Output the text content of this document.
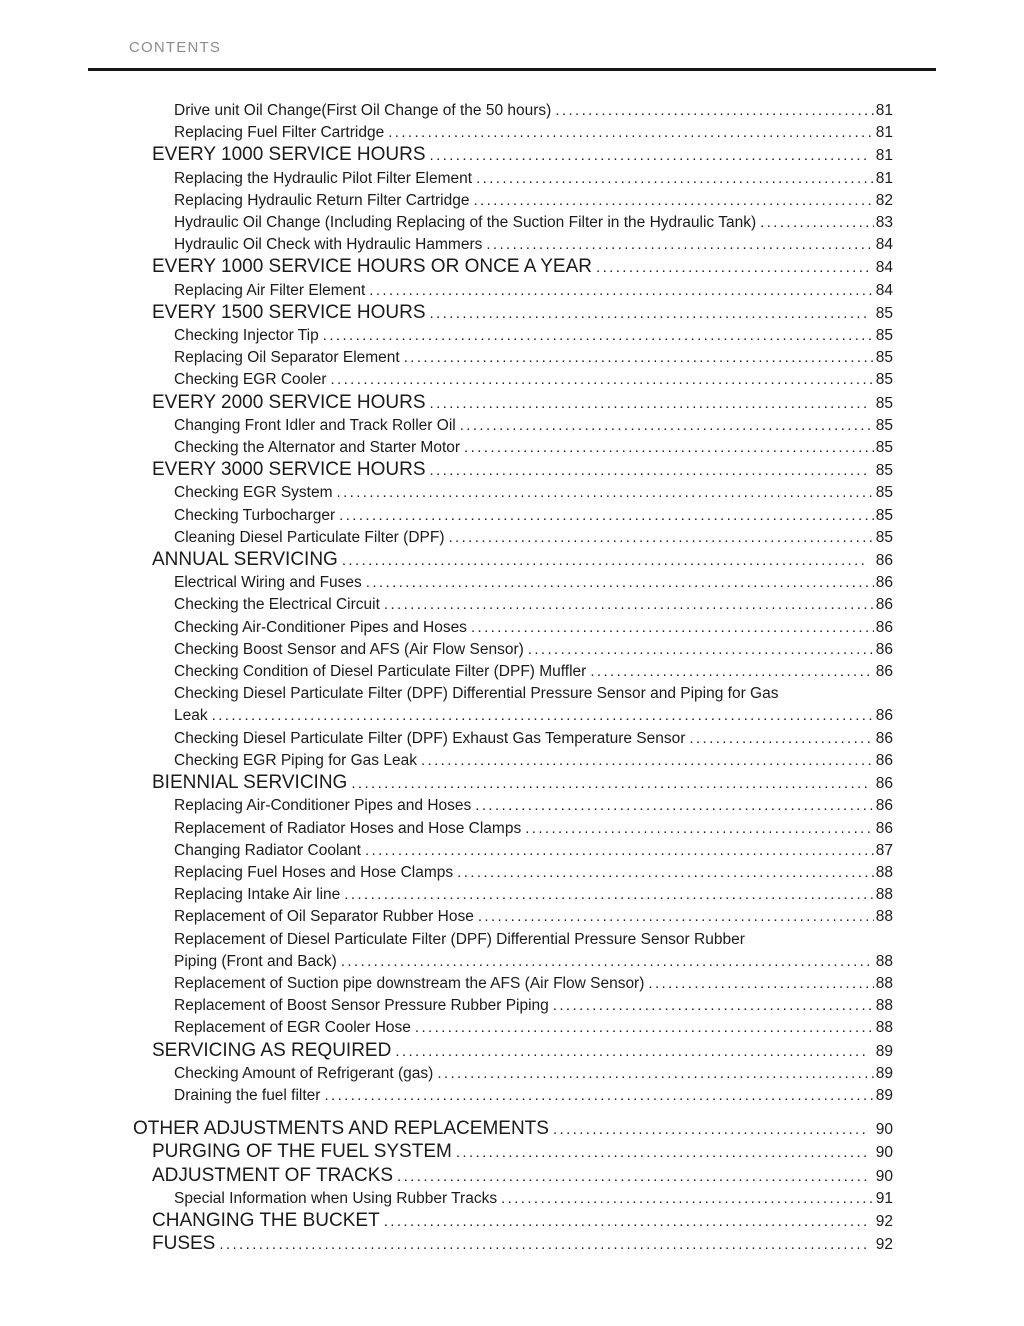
CONTENTS
Drive unit Oil Change(First Oil Change of the 50 hours) .....	81
Replacing Fuel Filter Cartridge .....	81
EVERY 1000 SERVICE HOURS .....	81
Replacing the Hydraulic Pilot Filter Element .....	81
Replacing Hydraulic Return Filter Cartridge .....	82
Hydraulic Oil Change (Including Replacing of the Suction Filter in the Hydraulic Tank) .....	83
Hydraulic Oil Check with Hydraulic Hammers .....	84
EVERY 1000 SERVICE HOURS OR ONCE A YEAR .....	84
Replacing Air Filter Element .....	84
EVERY 1500 SERVICE HOURS .....	85
Checking Injector Tip .....	85
Replacing Oil Separator Element .....	85
Checking EGR Cooler .....	85
EVERY 2000 SERVICE HOURS .....	85
Changing Front Idler and Track Roller Oil .....	85
Checking the Alternator and Starter Motor .....	85
EVERY 3000 SERVICE HOURS .....	85
Checking EGR System .....	85
Checking Turbocharger .....	85
Cleaning Diesel Particulate Filter (DPF) .....	85
ANNUAL SERVICING .....	86
Electrical Wiring and Fuses .....	86
Checking the Electrical Circuit .....	86
Checking Air-Conditioner Pipes and Hoses .....	86
Checking Boost Sensor and AFS (Air Flow Sensor) .....	86
Checking Condition of Diesel Particulate Filter (DPF) Muffler .....	86
Checking Diesel Particulate Filter (DPF) Differential Pressure Sensor and Piping for Gas
Leak .....	86
Checking Diesel Particulate Filter (DPF) Exhaust Gas Temperature Sensor .....	86
Checking EGR Piping for Gas Leak .....	86
BIENNIAL SERVICING .....	86
Replacing Air-Conditioner Pipes and Hoses .....	86
Replacement of Radiator Hoses and Hose Clamps .....	86
Changing Radiator Coolant .....	87
Replacing Fuel Hoses and Hose Clamps .....	88
Replacing Intake Air line .....	88
Replacement of Oil Separator Rubber Hose .....	88
Replacement of Diesel Particulate Filter (DPF) Differential Pressure Sensor Rubber
Piping (Front and Back) .....	88
Replacement of Suction pipe downstream the AFS (Air Flow Sensor) .....	88
Replacement of Boost Sensor Pressure Rubber Piping .....	88
Replacement of EGR Cooler Hose .....	88
SERVICING AS REQUIRED .....	89
Checking Amount of Refrigerant (gas) .....	89
Draining the fuel filter .....	89
OTHER ADJUSTMENTS AND REPLACEMENTS .....	90
PURGING OF THE FUEL SYSTEM .....	90
ADJUSTMENT OF TRACKS .....	90
Special Information when Using Rubber Tracks .....	91
CHANGING THE BUCKET .....	92
FUSES .....	92
